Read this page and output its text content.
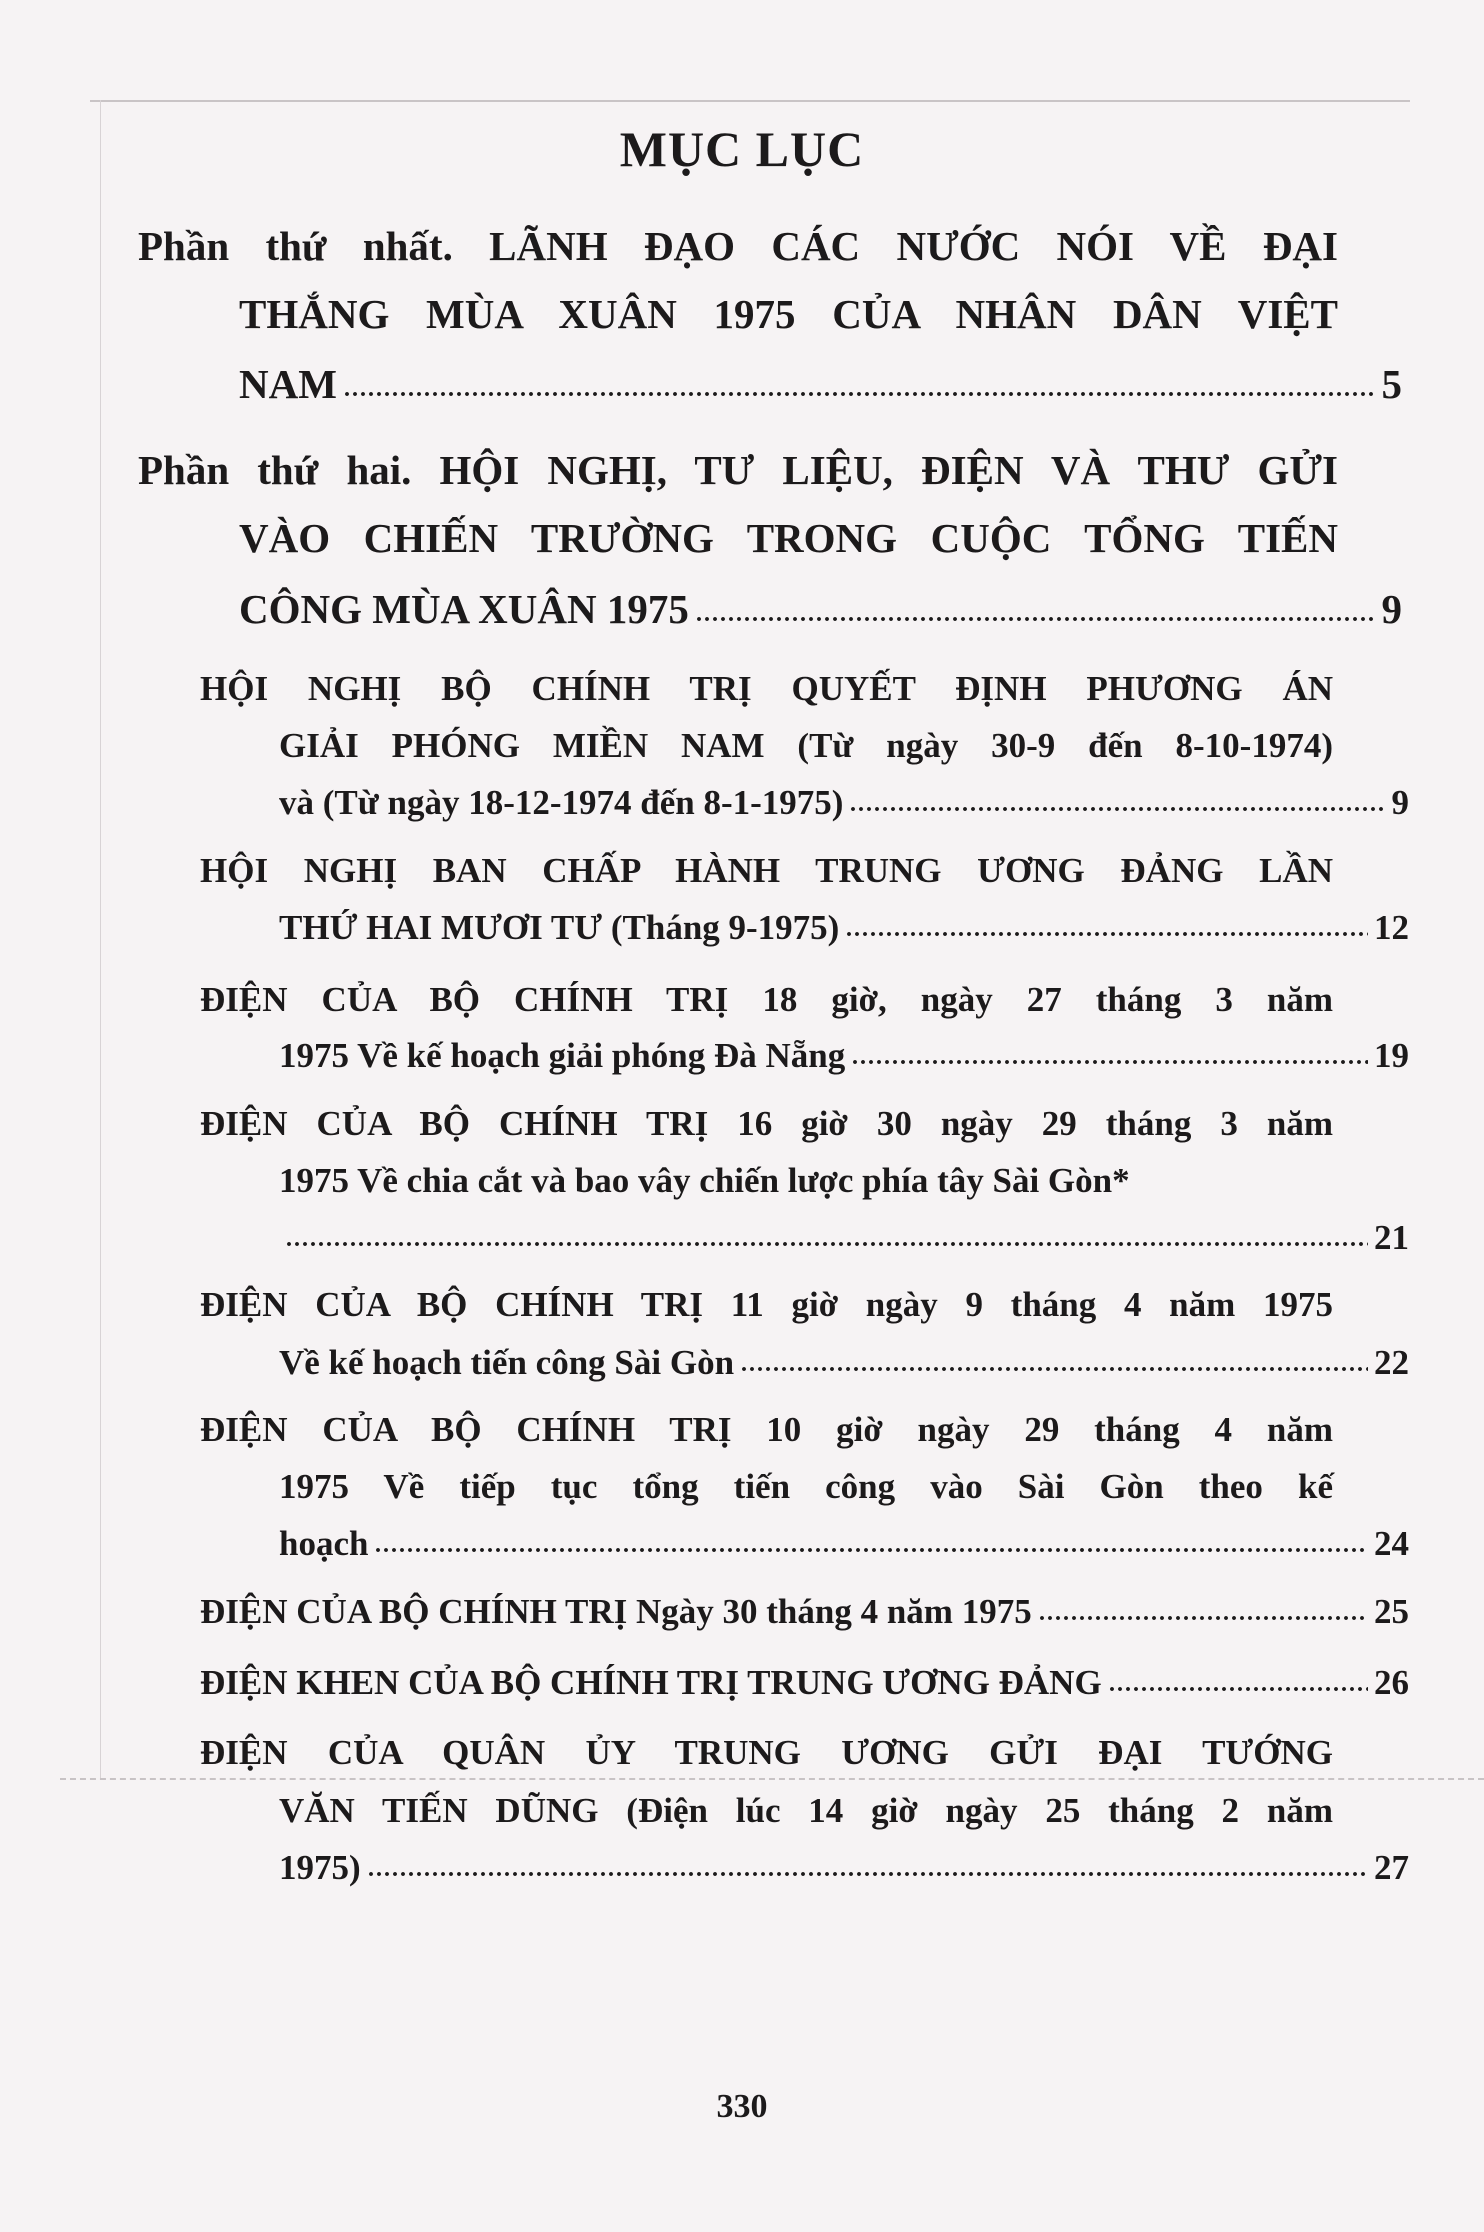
MỤC LỤC
Phần thứ nhất. LÃNH ĐẠO CÁC NƯỚC NÓI VỀ ĐẠI
THẮNG MÙA XUÂN 1975 CỦA NHÂN DÂN VIỆT
NAM	5
Phần thứ hai. HỘI NGHỊ, TƯ LIỆU, ĐIỆN VÀ THƯ GỬI
VÀO CHIẾN TRƯỜNG TRONG CUỘC TỔNG TIẾN
CÔNG MÙA XUÂN 1975	9
HỘI NGHỊ BỘ CHÍNH TRỊ QUYẾT ĐỊNH PHƯƠNG ÁN
GIẢI PHÓNG MIỀN NAM (Từ ngày 30-9 đến 8-10-1974)
và (Từ ngày 18-12-1974 đến 8-1-1975)	9
HỘI NGHỊ BAN CHẤP HÀNH TRUNG ƯƠNG ĐẢNG LẦN
THỨ HAI MƯƠI TƯ (Tháng 9-1975)	12
ĐIỆN CỦA BỘ CHÍNH TRỊ 18 giờ, ngày 27 tháng 3 năm
1975 Về kế hoạch giải phóng Đà Nẵng	19
ĐIỆN CỦA BỘ CHÍNH TRỊ 16 giờ 30 ngày 29 tháng 3 năm
1975 Về chia cắt và bao vây chiến lược phía tây Sài Gòn*
21
ĐIỆN CỦA BỘ CHÍNH TRỊ 11 giờ ngày 9 tháng 4 năm 1975
Về kế hoạch tiến công Sài Gòn	22
ĐIỆN CỦA BỘ CHÍNH TRỊ 10 giờ ngày 29 tháng 4 năm
1975 Về tiếp tục tổng tiến công vào Sài Gòn theo kế
hoạch	24
ĐIỆN CỦA BỘ CHÍNH TRỊ Ngày 30 tháng 4 năm 1975	25
ĐIỆN KHEN CỦA BỘ CHÍNH TRỊ TRUNG ƯƠNG ĐẢNG	26
ĐIỆN CỦA QUÂN ỦY TRUNG ƯƠNG GỬI ĐẠI TƯỚNG
VĂN TIẾN DŨNG (Điện lúc 14 giờ ngày 25 tháng 2 năm
1975)	27
330
